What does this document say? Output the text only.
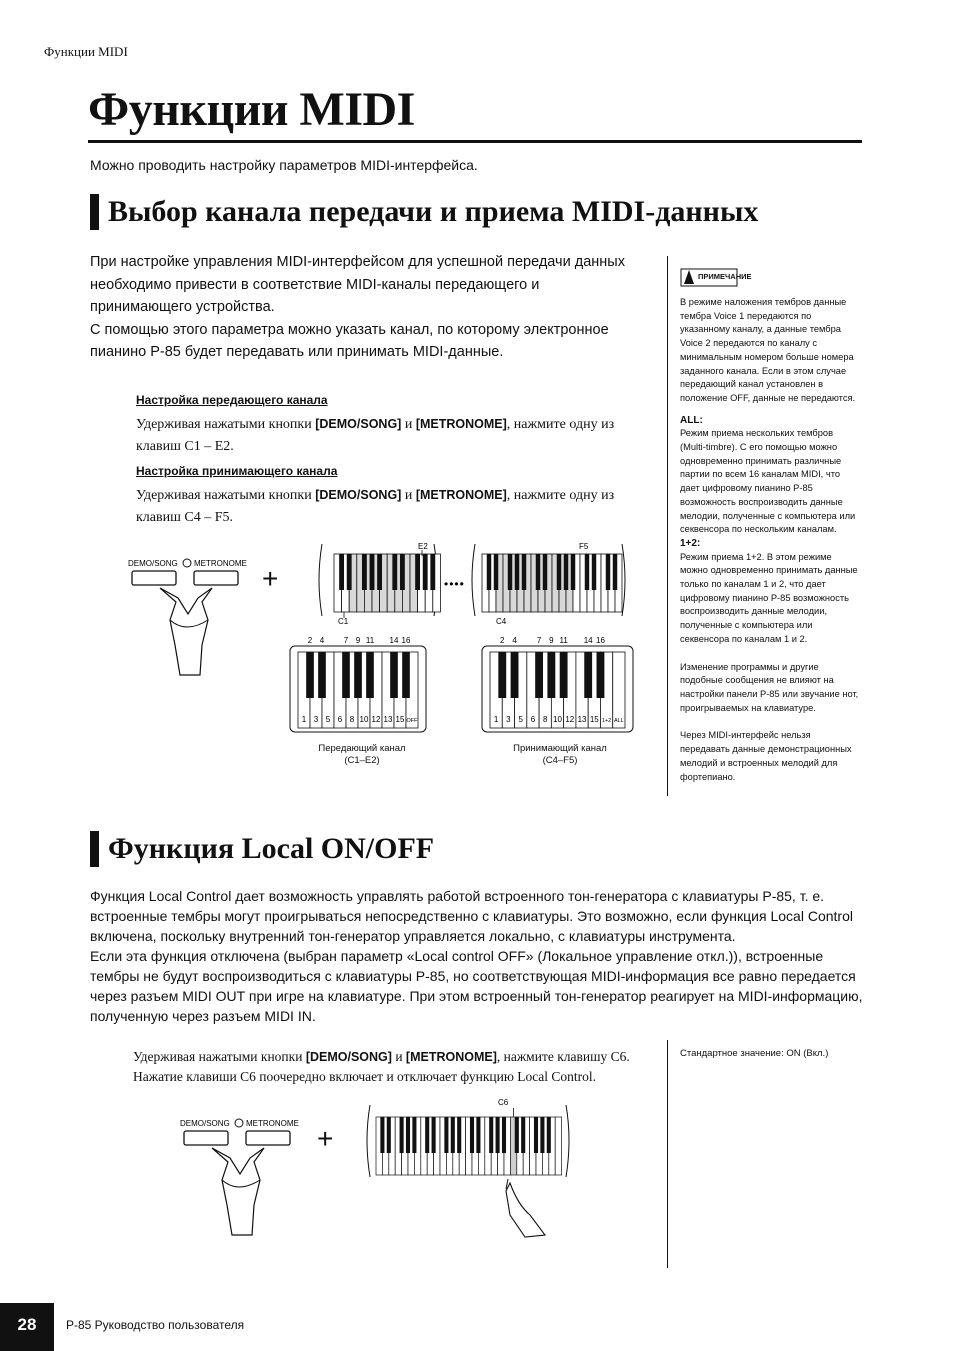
Функции MIDI
Функции MIDI
Можно проводить настройку параметров MIDI-интерфейса.
Выбор канала передачи и приема MIDI-данных
При настройке управления MIDI-интерфейсом для успешной передачи данных
необходимо привести в соответствие MIDI-каналы передающего и
принимающего устройства.
С помощью этого параметра можно указать канал, по которому электронное
пианино P-85 будет передавать или принимать MIDI-данные.
Настройка передающего канала
Удерживая нажатыми кнопки [DEMO/SONG] и [METRONOME], нажмите одну из
клавиш C1 – E2.
Настройка принимающего канала
Удерживая нажатыми кнопки [DEMO/SONG] и [METRONOME], нажмите одну из
клавиш C4 – F5.
DEMO/SONG METRONOME +
E2	F5
C1	C4
••••
1 3 5 6 8 10 12 13 15 OFF
2 4 7 9 11 14 16
1 3 5 6 8 10 12 13 15 1+2 ALL
2 4	7 9 11 14 16
Передающий канал
(C1–E2)
Принимающий канал
(C4–F5)
ПРИМЕЧАНИЕ

В режиме наложения тембров данные тембра Voice 1 передаются по указанному каналу, а данные тембра Voice 2 передаются по каналу с минимальным номером больше номера заданного канала. Если в этом случае передающий канал установлен в положение OFF, данные не передаются.

ALL:

Режим приема нескольких тембров (Multi-timbre). С его помощью можно одновременно принимать различные партии по всем 16 каналам MIDI, что дает цифровому пианино P-85 возможность воспроизводить данные мелодии, полученные с компьютера или секвенсора по нескольким каналам.

1+2:

Режим приема 1+2. В этом режиме можно одновременно принимать данные только по каналам 1 и 2, что дает цифровому пианино P-85 возможность воспроизводить данные мелодии, полученные с компьютера или секвенсора по каналам 1 и 2.

Изменение программы и другие подобные сообщения не влияют на настройки панели P-85 или звучание нот, проигрываемых на клавиатуре.

Через MIDI-интерфейс нельзя передавать данные демонстрационных мелодий и встроенных мелодий для фортепиано.

Функция Local ON/OFF
Функция Local Control дает возможность управлять работой встроенного тон-генератора с клавиатуры P-85, т. е.
встроенные тембры могут проигрываться непосредственно с клавиатуры. Это возможно, если функция Local Control
включена, поскольку внутренний тон-генератор управляется локально, с клавиатуры инструмента.
Если эта функция отключена (выбран параметр «Local control OFF» (Локальное управление откл.)), встроенные
тембры не будут воспроизводиться с клавиатуры P-85, но соответствующая MIDI-информация все равно передается
через разъем MIDI OUT при игре на клавиатуре. При этом встроенный тон-генератор реагирует на MIDI-информацию,
полученную через разъем MIDI IN.
Удерживая нажатыми кнопки [DEMO/SONG] и [METRONOME], нажмите клавишу C6.
Нажатие клавиши C6 поочередно включает и отключает функцию Local Control.
Стандартное значение: ON (Вкл.)
DEMO/SONG METRONOME +
C6
28	P-85 Руководство пользователя
